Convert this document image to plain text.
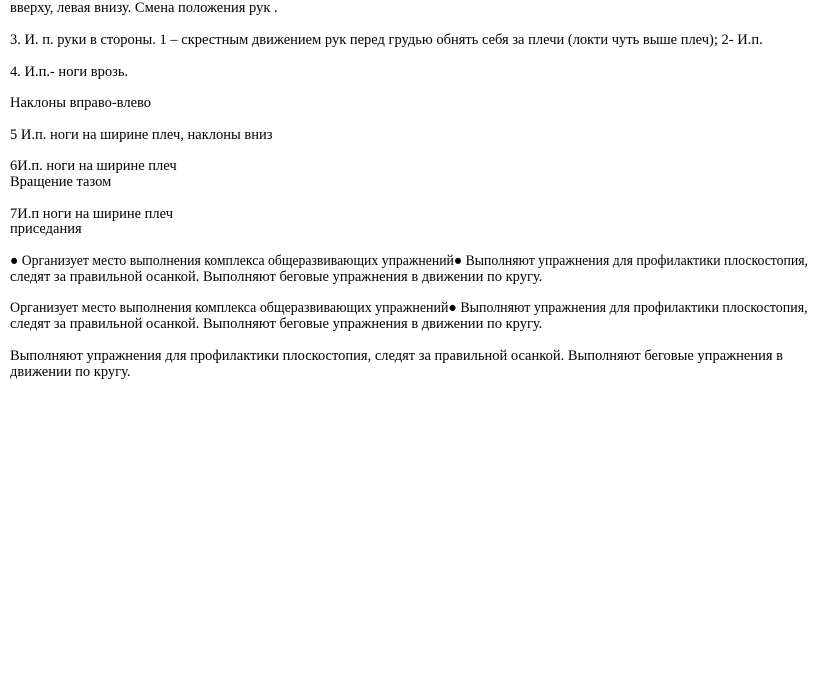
вверху, левая внизу. Смена положения рук .
3. И. п. руки в стороны. 1 – скрестным движением рук перед грудью обнять себя за плечи (локти чуть выше плеч); 2- И.п.
4. И.п.- ноги врозь.
Наклоны вправо-влево
5 И.п. ноги на ширине плеч, наклоны вниз
6И.п. ноги на ширине плеч
Вращение тазом
7И.п ноги на ширине плеч
приседания
● Организует место выполнения комплекса общеразвивающих упражнений● Выполняют упражнения для профилактики плоскостопия,
следят за правильной осанкой. Выполняют беговые упражнения в движении по кругу.
Организует место выполнения комплекса общеразвивающих упражнений● Выполняют упражнения для профилактики плоскостопия,
следят за правильной осанкой. Выполняют беговые упражнения в движении по кругу.
Выполняют упражнения для профилактики плоскостопия, следят за правильной осанкой. Выполняют беговые упражнения в
движении по кругу.
